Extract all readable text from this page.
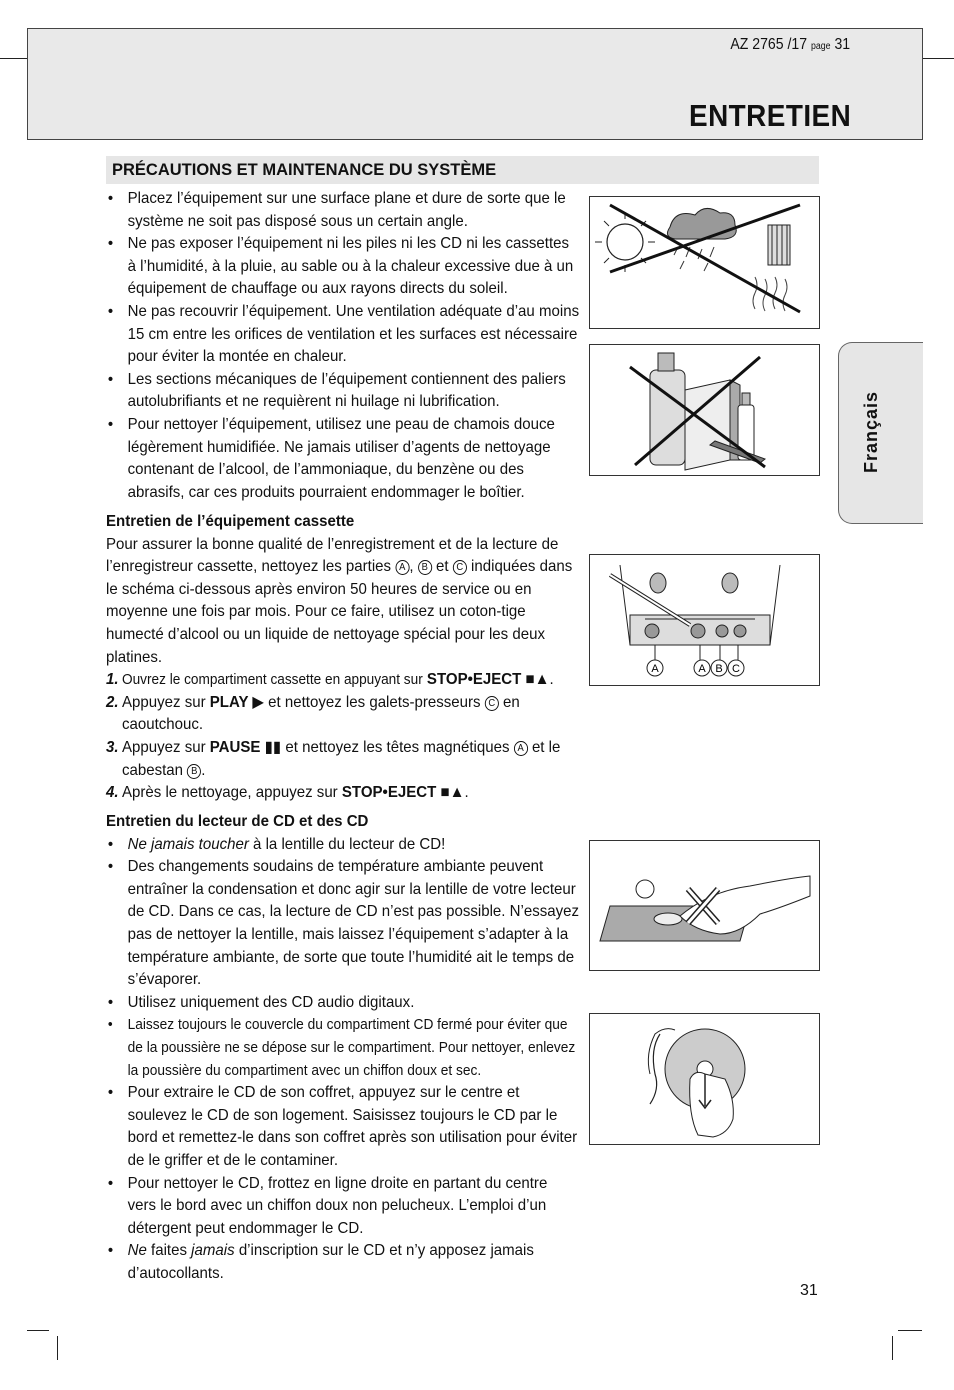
AZ 2765 /17 page 31
ENTRETIEN
PRÉCAUTIONS ET MAINTENANCE DU SYSTÈME
Français
• Placez l’équipement sur une surface plane et dure de sorte que le système ne soit pas disposé sous un certain angle.
• Ne pas exposer l’équipement ni les piles ni les CD ni les cassettes à l’humidité, à la pluie, au sable ou à la chaleur excessive due à un équipement de chauffage ou aux rayons directs du soleil.
• Ne pas recouvrir l’équipement. Une ventilation adéquate d’au moins 15 cm entre les orifices de ventilation et les surfaces est nécessaire pour éviter la montée en chaleur.
• Les sections mécaniques de l’équipement contiennent des paliers autolubrifiants et ne requièrent ni huilage ni lubrification.
• Pour nettoyer l’équipement, utilisez une peau de chamois douce légèrement humidifiée. Ne jamais utiliser d’agents de nettoyage contenant de l’alcool, de l’ammoniaque, du benzène ou des abrasifs, car ces produits pourraient endommager le boîtier.
Entretien de l’équipement cassette
Pour assurer la bonne qualité de l’enregistrement et de la lecture de l’enregistreur cassette, nettoyez les parties A , B et C indiquées dans le schéma ci-dessous après environ 50 heures de service ou en moyenne une fois par mois. Pour ce faire, utilisez un coton-tige humecté d’alcool ou un liquide de nettoyage spécial pour les deux platines.
1. Ouvrez le compartiment cassette en appuyant sur STOP•EJECT ■▲.
2. Appuyez sur PLAY ▶ et nettoyez les galets-presseurs C en caoutchouc.
3. Appuyez sur PAUSE ▮▮ et nettoyez les têtes magnétiques A et le cabestan B .
4. Après le nettoyage, appuyez sur STOP•EJECT ■▲.
Entretien du lecteur de CD et des CD
• Ne jamais toucher à la lentille du lecteur de CD!
• Des changements soudains de température ambiante peuvent entraîner la condensation et donc agir sur la lentille de votre lecteur de CD. Dans ce cas, la lecture de CD n’est pas possible. N’essayez pas de nettoyer la lentille, mais laissez l’équipement s’adapter à la température ambiante, de sorte que toute l’humidité ait le temps de s’évaporer.
• Utilisez uniquement des CD audio digitaux.
• Laissez toujours le couvercle du compartiment CD fermé pour éviter que de la poussière ne se dépose sur le compartiment. Pour nettoyer, enlevez la poussière du compartiment avec un chiffon doux et sec.
• Pour extraire le CD de son coffret, appuyez sur le centre et soulevez le CD de son logement. Saisissez toujours le CD par le bord et remettez-le dans son coffret après son utilisation pour éviter de le griffer et de le contaminer.
• Pour nettoyer le CD, frottez en ligne droite en partant du centre vers le bord avec un chiffon doux non pelucheux. L’emploi d’un détergent peut endommager le CD.
• Ne faites jamais d’inscription sur le CD et n’y apposez jamais d’autocollants.
A	A B C
31
